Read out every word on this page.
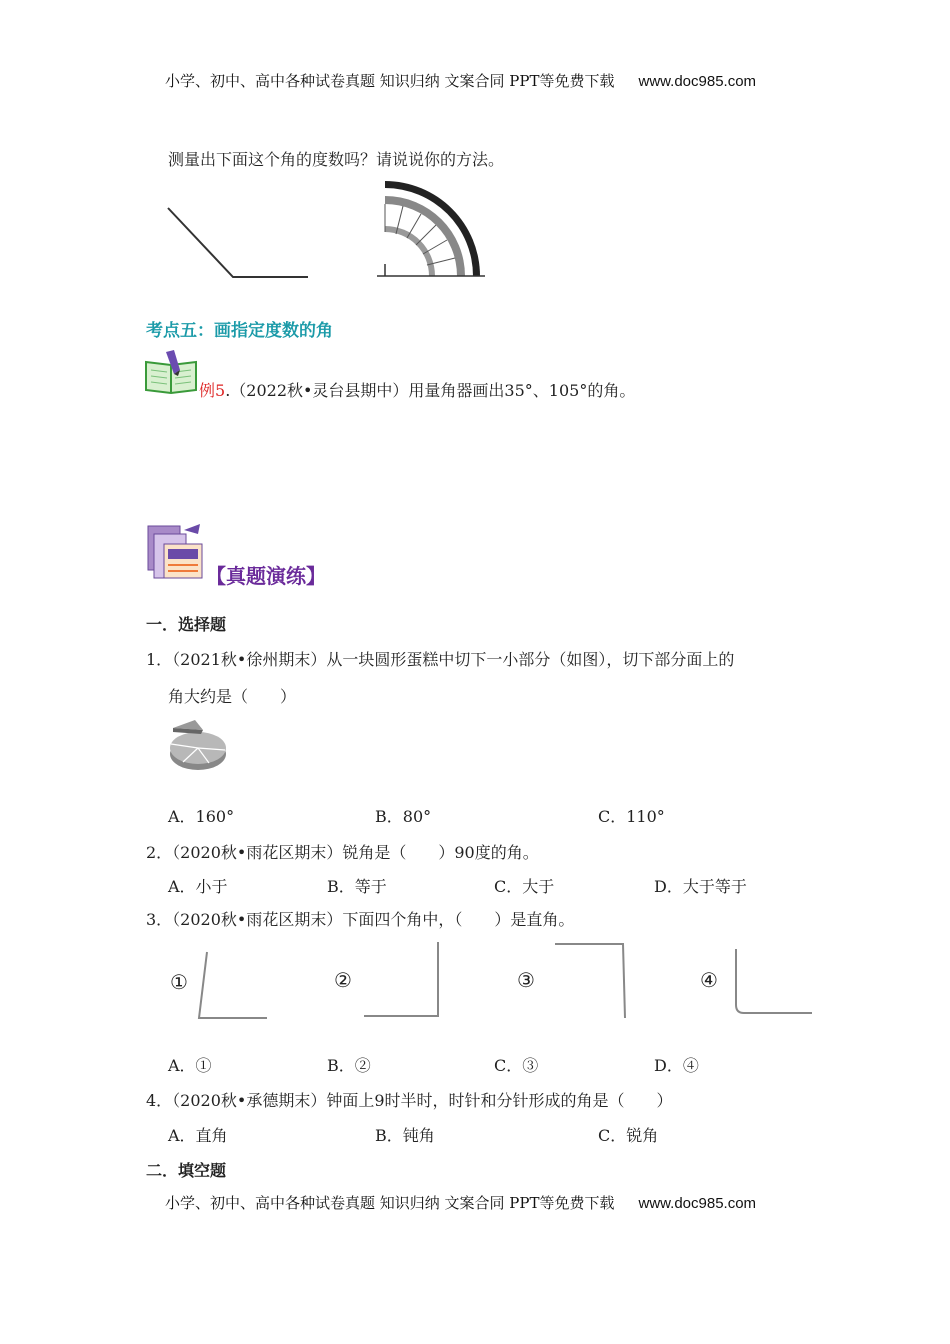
小学、初中、高中各种试卷真题 知识归纳 文案合同 PPT等免费下载 www.doc985.com
测量出下面这个角的度数吗？请说说你的方法。
考点五：画指定度数的角
例5.（2022秋•灵台县期中）用量角器画出35°、105°的角。
【真题演练】
一．选择题
1．（2021秋•徐州期末）从一块圆形蛋糕中切下一小部分（如图），切下部分面上的
角大约是（　　）
A．160°	B．80°	C．110°
2．（2020秋•雨花区期末）锐角是（　　）90度的角。
A．小于	B．等于	C．大于	D．大于等于
3．（2020秋•雨花区期末）下面四个角中，（　　）是直角。
①	②	③	④
A．①	B．②	C．③	D．④
4．（2020秋•承德期末）钟面上9时半时，时针和分针形成的角是（　　）
A．直角	B．钝角	C．锐角
二．填空题
小学、初中、高中各种试卷真题 知识归纳 文案合同 PPT等免费下载 www.doc985.com
